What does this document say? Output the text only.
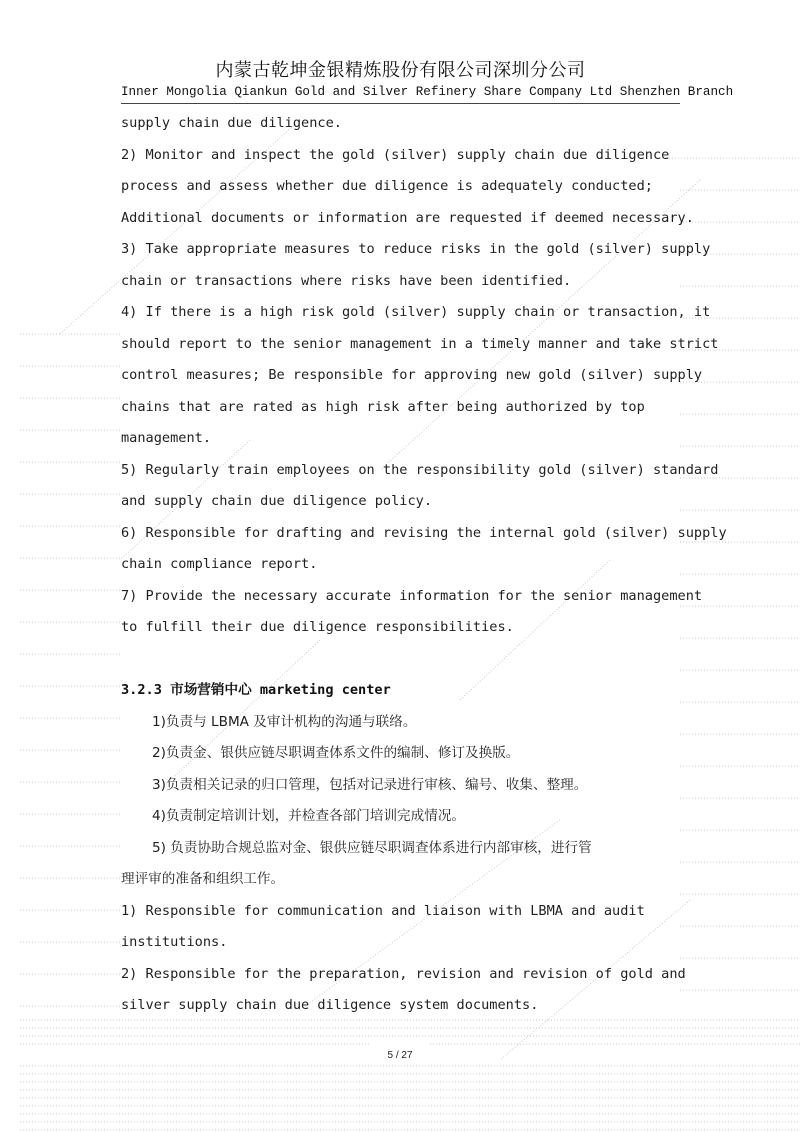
内蒙古乾坤金银精炼股份有限公司深圳分公司
Inner Mongolia Qiankun Gold and Silver Refinery Share Company Ltd Shenzhen Branch
supply chain due diligence.
2) Monitor and inspect the gold (silver) supply chain due diligence
process and assess whether due diligence is adequately conducted;
Additional documents or information are requested if deemed necessary.
3) Take appropriate measures to reduce risks in the gold (silver) supply
chain or transactions where risks have been identified.
4) If there is a high risk gold (silver) supply chain or transaction, it
should report to the senior management in a timely manner and take strict
control measures; Be responsible for approving new gold (silver) supply
chains that are rated as high risk after being authorized by top
management.
5) Regularly train employees on the responsibility gold (silver) standard
and supply chain due diligence policy.
6) Responsible for drafting and revising the internal gold (silver) supply
chain compliance report.
7) Provide the necessary accurate information for the senior management
to fulfill their due diligence responsibilities.
3.2.3 市场营销中心 marketing center
1)负责与 LBMA 及审计机构的沟通与联络。
2)负责金、银供应链尽职调查体系文件的编制、修订及换版。
3)负责相关记录的归口管理，包括对记录进行审核、编号、收集、整理。
4)负责制定培训计划，并检查各部门培训完成情况。
5) 负责协助合规总监对金、银供应链尽职调查体系进行内部审核，进行管
理评审的准备和组织工作。
1) Responsible for communication and liaison with LBMA and audit
institutions.
2) Responsible for the preparation, revision and revision of gold and
silver supply chain due diligence system documents.
5 / 27
